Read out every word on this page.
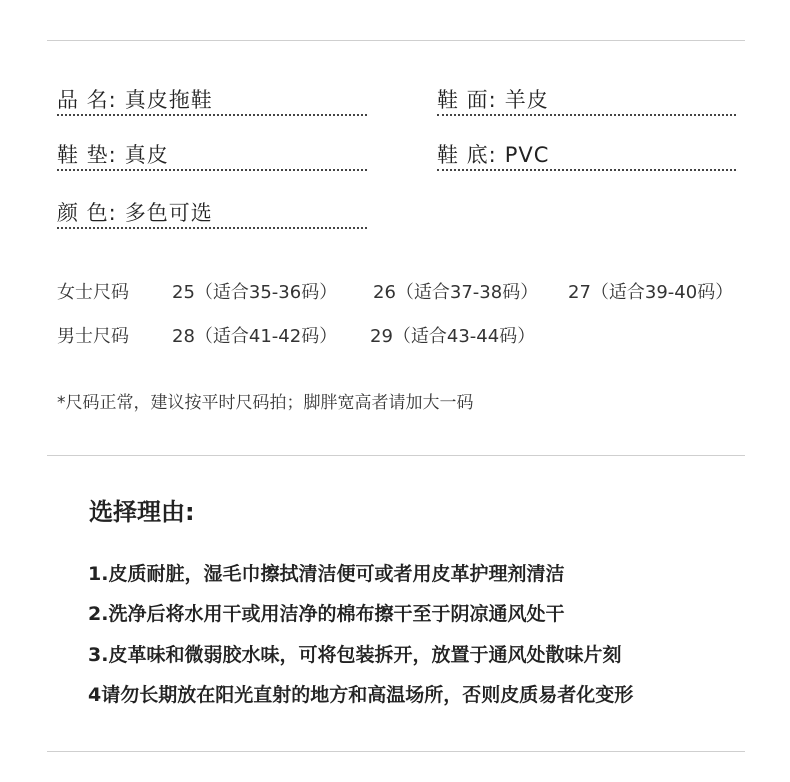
品 名: 真皮拖鞋	鞋 面: 羊皮
鞋 垫: 真皮	鞋 底: PVC
颜 色: 多色可选
女士尺码 25（适合35-36码） 26（适合37-38码） 27（适合39-40码）
男士尺码 28（适合41-42码） 29（适合43-44码）
*尺码正常，建议按平时尺码拍；脚胖宽高者请加大一码
选择理由:
1.皮质耐脏，湿毛巾擦拭清洁便可或者用皮革护理剂清洁
2.洗净后将水用干或用洁净的棉布擦干至于阴凉通风处干
3.皮革味和微弱胶水味，可将包装拆开，放置于通风处散味片刻
4请勿长期放在阳光直射的地方和高温场所，否则皮质易者化变形
